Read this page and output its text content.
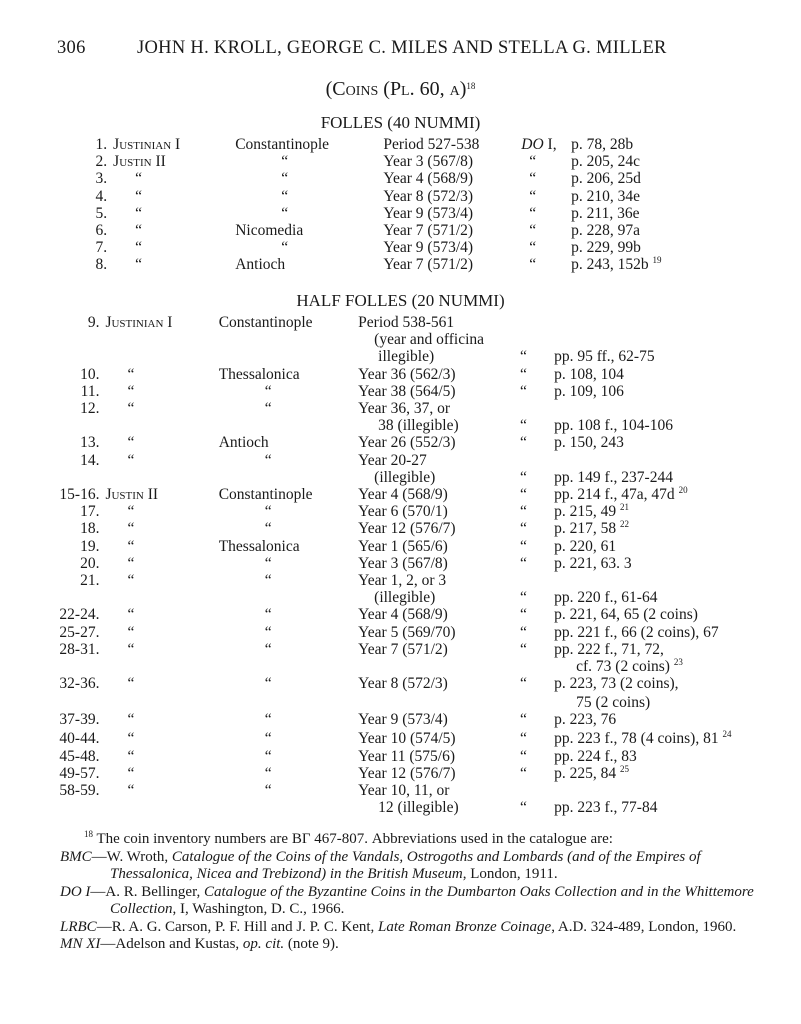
306	JOHN H. KROLL, GEORGE C. MILES AND STELLA G. MILLER
(Coins (Pl. 60, a)$^{18}$
FOLLES (40 NUMMI)
1.	Justinian I	Constantinople	Period 527-538	DO I,	p. 78, 28b
2.	Justin II	“	Year 3 (567/8)	“	p. 205, 24c
3.	“	“	Year 4 (568/9)	“	p. 206, 25d
4.	“	“	Year 8 (572/3)	“	p. 210, 34e
5.	“	“	Year 9 (573/4)	“	p. 211, 36e
6.	“	Nicomedia	Year 7 (571/2)	“	p. 228, 97a
7.	“	“	Year 9 (573/4)	“	p. 229, 99b
8.	“	Antioch	Year 7 (571/2)	“	p. 243, 152b $^{19}$
HALF FOLLES (20 NUMMI)
9.	Justinian I	Constantinople	Period 538-561		
			(year and officina		
			illegible)	“	pp. 95 ff., 62-75
10.	“	Thessalonica	Year 36 (562/3)	“	p. 108, 104
11.	“	“	Year 38 (564/5)	“	p. 109, 106
12.	“	“	Year 36, 37, or		
			38 (illegible)	“	pp. 108 f., 104-106
13.	“	Antioch	Year 26 (552/3)	“	p. 150, 243
14.	“	“	Year 20-27		
			(illegible)	“	pp. 149 f., 237-244
15-16.	Justin II	Constantinople	Year 4 (568/9)	“	pp. 214 f., 47a, 47d $^{20}$
17.	“	“	Year 6 (570/1)	“	p. 215, 49 $^{21}$
18.	“	“	Year 12 (576/7)	“	p. 217, 58 $^{22}$
19.	“	Thessalonica	Year 1 (565/6)	“	p. 220, 61
20.	“	“	Year 3 (567/8)	“	p. 221, 63. 3
21.	“	“	Year 1, 2, or 3		
			(illegible)	“	pp. 220 f., 61-64
22-24.	“	“	Year 4 (568/9)	“	p. 221, 64, 65 (2 coins)
25-27.	“	“	Year 5 (569/70)	“	pp. 221 f., 66 (2 coins), 67
28-31.	“	“	Year 7 (571/2)	“	pp. 222 f., 71, 72,
					cf. 73 (2 coins) $^{23}$
32-36.	“	“	Year 8 (572/3)	“	p. 223, 73 (2 coins),
					75 (2 coins)
37-39.	“	“	Year 9 (573/4)	“	p. 223, 76
40-44.	“	“	Year 10 (574/5)	“	pp. 223 f., 78 (4 coins), 81 $^{24}$
45-48.	“	“	Year 11 (575/6)	“	pp. 224 f., 83
49-57.	“	“	Year 12 (576/7)	“	p. 225, 84 $^{25}$
58-59.	“	“	Year 10, 11, or		
			12 (illegible)	“	pp. 223 f., 77-84

$^{18}$ The coin inventory numbers are ΒΓ 467-807. Abbreviations used in the catalogue are:

BMC—W. Wroth, Catalogue of the Coins of the Vandals, Ostrogoths and Lombards (and of the Empires of Thessalonica, Nicea and Trebizond) in the British Museum, London, 1911.

DO I—A. R. Bellinger, Catalogue of the Byzantine Coins in the Dumbarton Oaks Collection and in the Whittemore Collection, I, Washington, D. C., 1966.

LRBC—R. A. G. Carson, P. F. Hill and J. P. C. Kent, Late Roman Bronze Coinage, A.D. 324-489, London, 1960.

MN XI—Adelson and Kustas, op. cit. (note 9).
